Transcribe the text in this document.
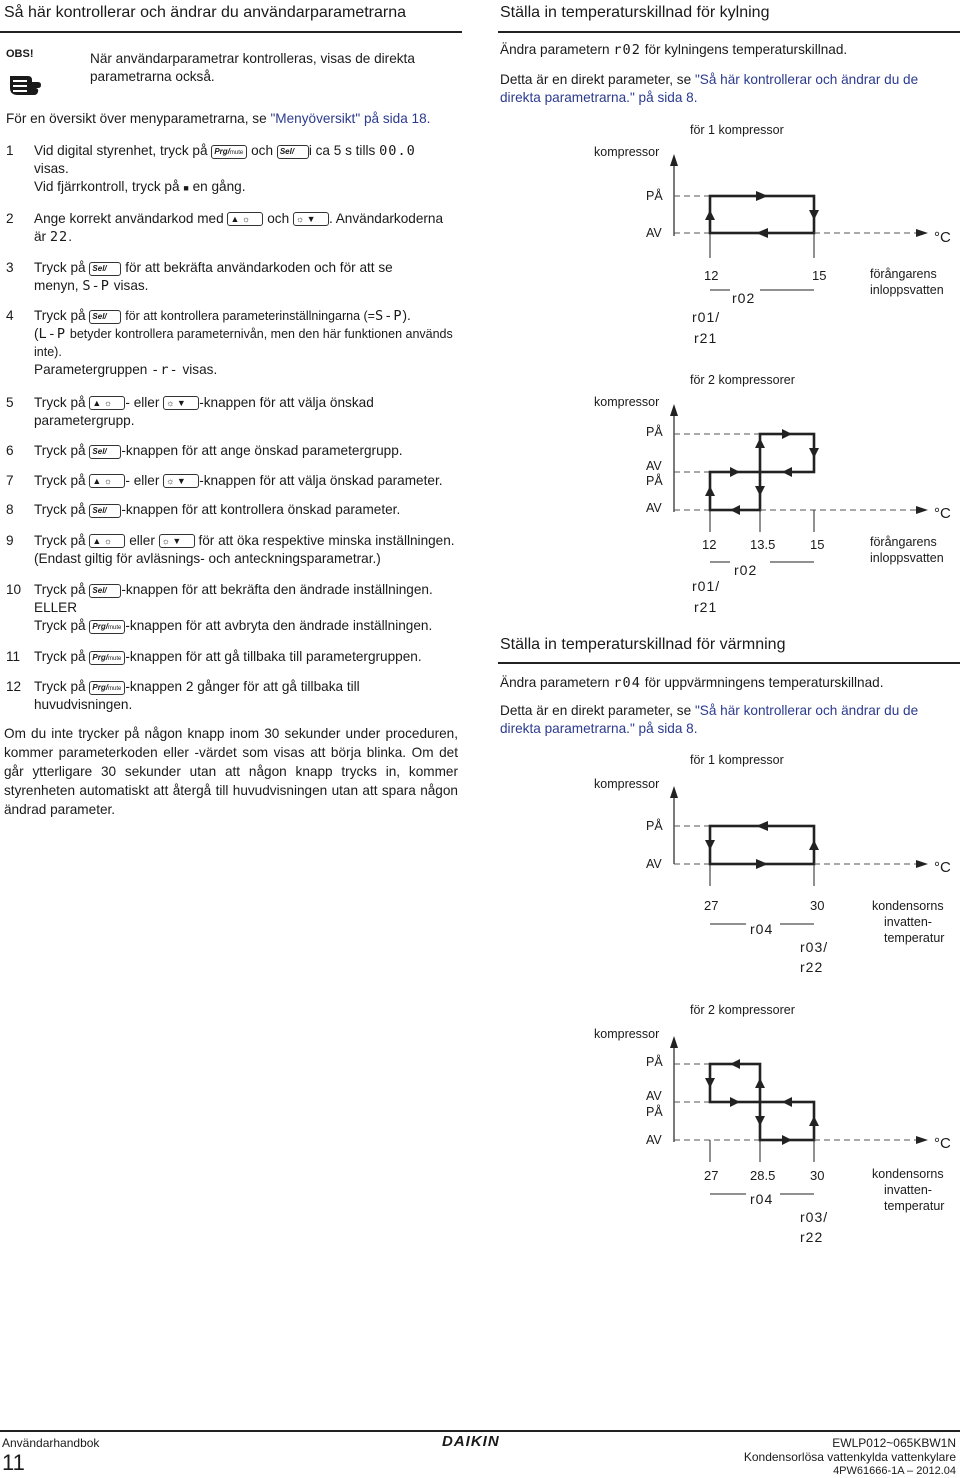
Så här kontrollerar och ändrar du användarparametrarna
OBS!	När användarparametrar kontrolleras, visas de direkta parametrarna också.
För en översikt över menyparametrarna, se "Menyöversikt" på sida 18.
1 Vid digital styrenhet, tryck på Prg/mute och Sel/ i ca 5 s tills 00.0
visas.
Vid fjärrkontroll, tryck på ■ en gång.
2 Ange korrekt användarkod med ▲ ☼ och ☼ ▼ . Användarkoderna
är 22.
3 Tryck på Sel/ för att bekräfta användarkoden och för att se
menyn, S-P visas.
4 Tryck på Sel/ för att kontrollera parameterinställningarna (=S-P).
(L-P betyder kontrollera parameternivån, men den här funktionen används inte).
Parametergruppen -r- visas.
5 Tryck på ▲ ☼ - eller ☼ ▼ -knappen för att välja önskad parametergrupp.
6 Tryck på Sel/ -knappen för att ange önskad parametergrupp.
7 Tryck på ▲ ☼ - eller ☼ ▼ -knappen för att välja önskad parameter.
8 Tryck på Sel/ -knappen för att kontrollera önskad parameter.
9 Tryck på ▲ ☼ eller ☼ ▼ för att öka respektive minska inställningen.
(Endast giltig för avläsnings- och anteckningsparametrar.)
10 Tryck på Sel/ -knappen för att bekräfta den ändrade inställningen.
ELLER
Tryck på Prg/mute -knappen för att avbryta den ändrade inställningen.
11 Tryck på Prg/mute -knappen för att gå tillbaka till parametergruppen.
12 Tryck på Prg/mute -knappen 2 gånger för att gå tillbaka till huvudvisningen.
Om du inte trycker på någon knapp inom 30 sekunder under proceduren, kommer parameterkoden eller -värdet som visas att börja blinka. Om det går ytterligare 30 sekunder utan att någon knapp trycks in, kommer styrenheten automatiskt att återgå till huvudvisningen utan att spara någon ändrad parameter.
Ställa in temperaturskillnad för kylning
Ändra parametern r02 för kylningens temperaturskillnad.
Detta är en direkt parameter, se "Så här kontrollerar och ändrar du de direkta parametrarna." på sida 8.
för 1 kompressor
kompressor
PÅ
AV	°C
12	15
r02
r01/
r21
förångarens
inloppsvatten
för 2 kompressorer
kompressor
PÅ
AV
PÅ
AV	°C
12	13.5	15
r02
r01/
r21
förångarens
inloppsvatten
Ställa in temperaturskillnad för värmning
Ändra parametern r04 för uppvärmningens temperaturskillnad.
Detta är en direkt parameter, se "Så här kontrollerar och ändrar du de direkta parametrarna." på sida 8.
för 1 kompressor
kompressor
PÅ
AV	°C
27	30
r04
r03/
r22
kondensorns
invatten-
temperatur
för 2 kompressorer
kompressor
PÅ
AV
PÅ
AV	°C
27 28.5	30
r04
r03/
r22
kondensorns
invatten-
temperatur
Användarhandbok
11
DAIKIN	EWLP012~065KBW1N
Kondensorlösa vattenkylda vattenkylare
4PW61666-1A – 2012.04
